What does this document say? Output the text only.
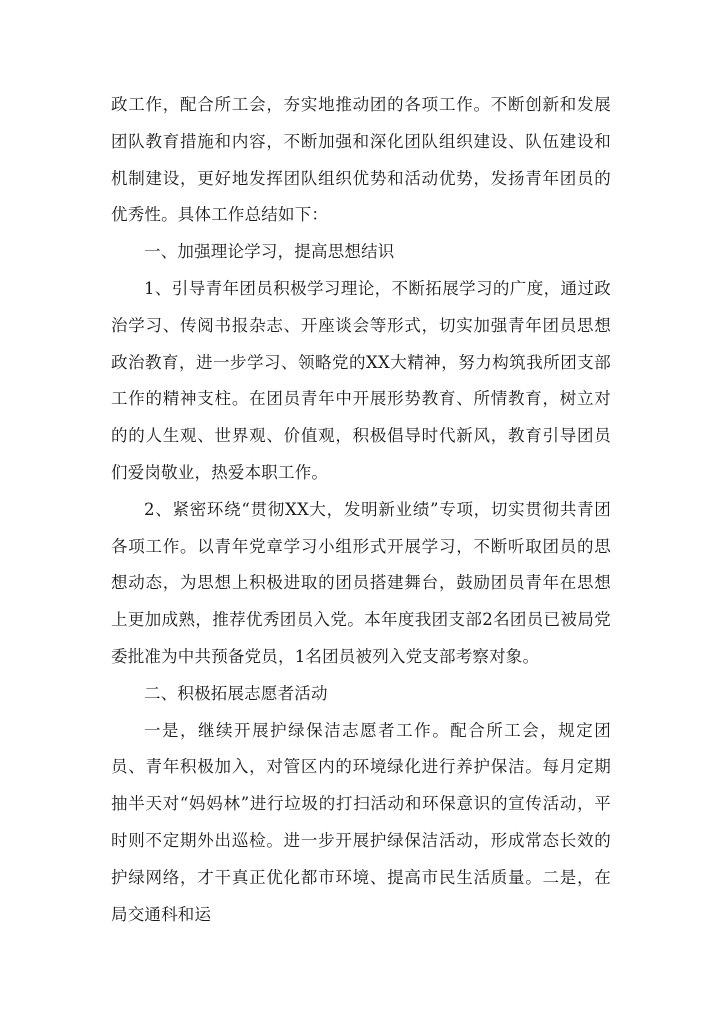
政工作，配合所工会，夯实地推动团的各项工作。不断创新和发展团队教育措施和内容，不断加强和深化团队组织建设、队伍建设和机制建设，更好地发挥团队组织优势和活动优势，发扬青年团员的优秀性。具体工作总结如下：

一、加强理论学习，提高思想结识

1、引导青年团员积极学习理论，不断拓展学习的广度，通过政治学习、传阅书报杂志、开座谈会等形式，切实加强青年团员思想政治教育，进一步学习、领略党的XX大精神，努力构筑我所团支部工作的精神支柱。在团员青年中开展形势教育、所情教育，树立对的的人生观、世界观、价值观，积极倡导时代新风，教育引导团员们爱岗敬业，热爱本职工作。

2、紧密环绕“贯彻XX大，发明新业绩”专项，切实贯彻共青团各项工作。以青年党章学习小组形式开展学习，不断听取团员的思想动态，为思想上积极进取的团员搭建舞台，鼓励团员青年在思想上更加成熟，推荐优秀团员入党。本年度我团支部2名团员已被局党委批准为中共预备党员，1名团员被列入党支部考察对象。

二、积极拓展志愿者活动

一是，继续开展护绿保洁志愿者工作。配合所工会，规定团员、青年积极加入，对管区内的环境绿化进行养护保洁。每月定期抽半天对“妈妈林”进行垃圾的打扫活动和环保意识的宣传活动，平时则不定期外出巡检。进一步开展护绿保洁活动，形成常态长效的护绿网络，才干真正优化都市环境、提高市民生活质量。二是，在局交通科和运
